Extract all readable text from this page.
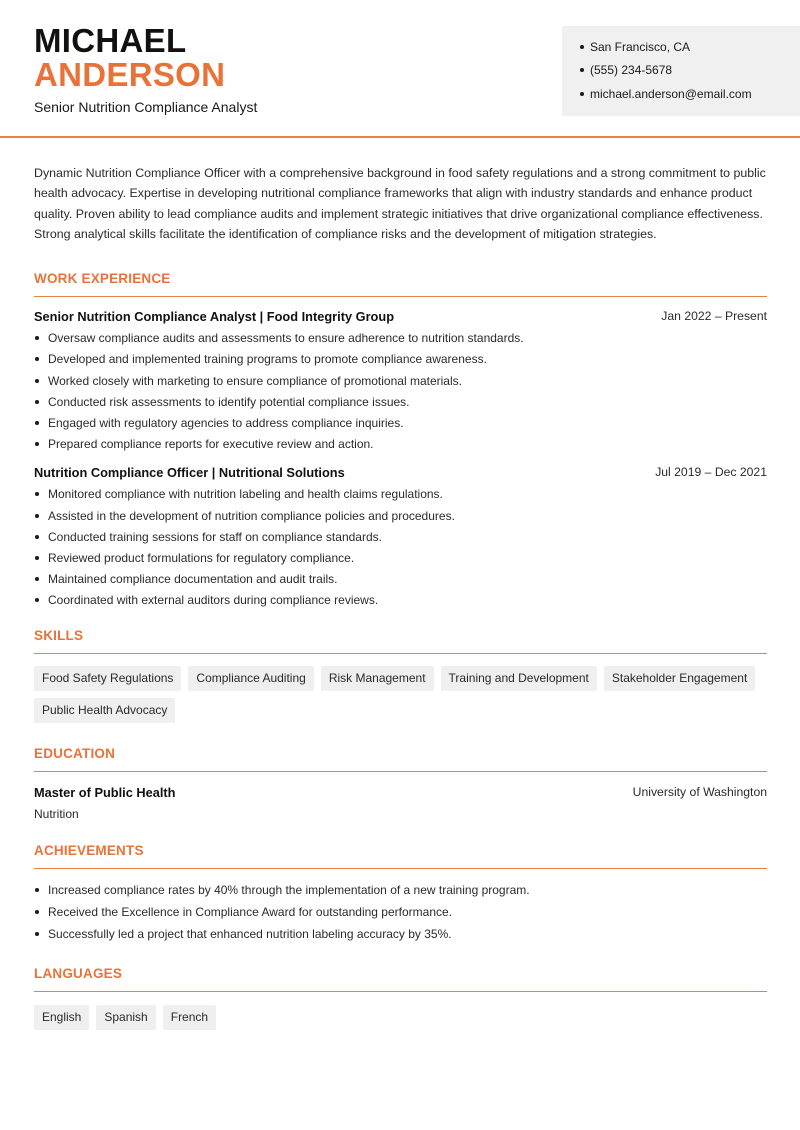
MICHAEL
ANDERSON
Senior Nutrition Compliance Analyst
San Francisco, CA
(555) 234-5678
michael.anderson@email.com

Dynamic Nutrition Compliance Officer with a comprehensive background in food safety regulations and a strong commitment to public health advocacy. Expertise in developing nutritional compliance frameworks that align with industry standards and enhance product quality. Proven ability to lead compliance audits and implement strategic initiatives that drive organizational compliance effectiveness. Strong analytical skills facilitate the identification of compliance risks and the development of mitigation strategies.

WORK EXPERIENCE
Senior Nutrition Compliance Analyst | Food Integrity Group	Jan 2022 – Present
Oversaw compliance audits and assessments to ensure adherence to nutrition standards.
Developed and implemented training programs to promote compliance awareness.
Worked closely with marketing to ensure compliance of promotional materials.
Conducted risk assessments to identify potential compliance issues.
Engaged with regulatory agencies to address compliance inquiries.
Prepared compliance reports for executive review and action.
Nutrition Compliance Officer | Nutritional Solutions	Jul 2019 – Dec 2021
Monitored compliance with nutrition labeling and health claims regulations.
Assisted in the development of nutrition compliance policies and procedures.
Conducted training sessions for staff on compliance standards.
Reviewed product formulations for regulatory compliance.
Maintained compliance documentation and audit trails.
Coordinated with external auditors during compliance reviews.
SKILLS
Food Safety Regulations	Compliance Auditing	Risk Management	Training and Development	Stakeholder Engagement
Public Health Advocacy
EDUCATION
Master of Public Health	University of Washington
Nutrition
ACHIEVEMENTS
Increased compliance rates by 40% through the implementation of a new training program.
Received the Excellence in Compliance Award for outstanding performance.
Successfully led a project that enhanced nutrition labeling accuracy by 35%.
LANGUAGES
English	Spanish	French
